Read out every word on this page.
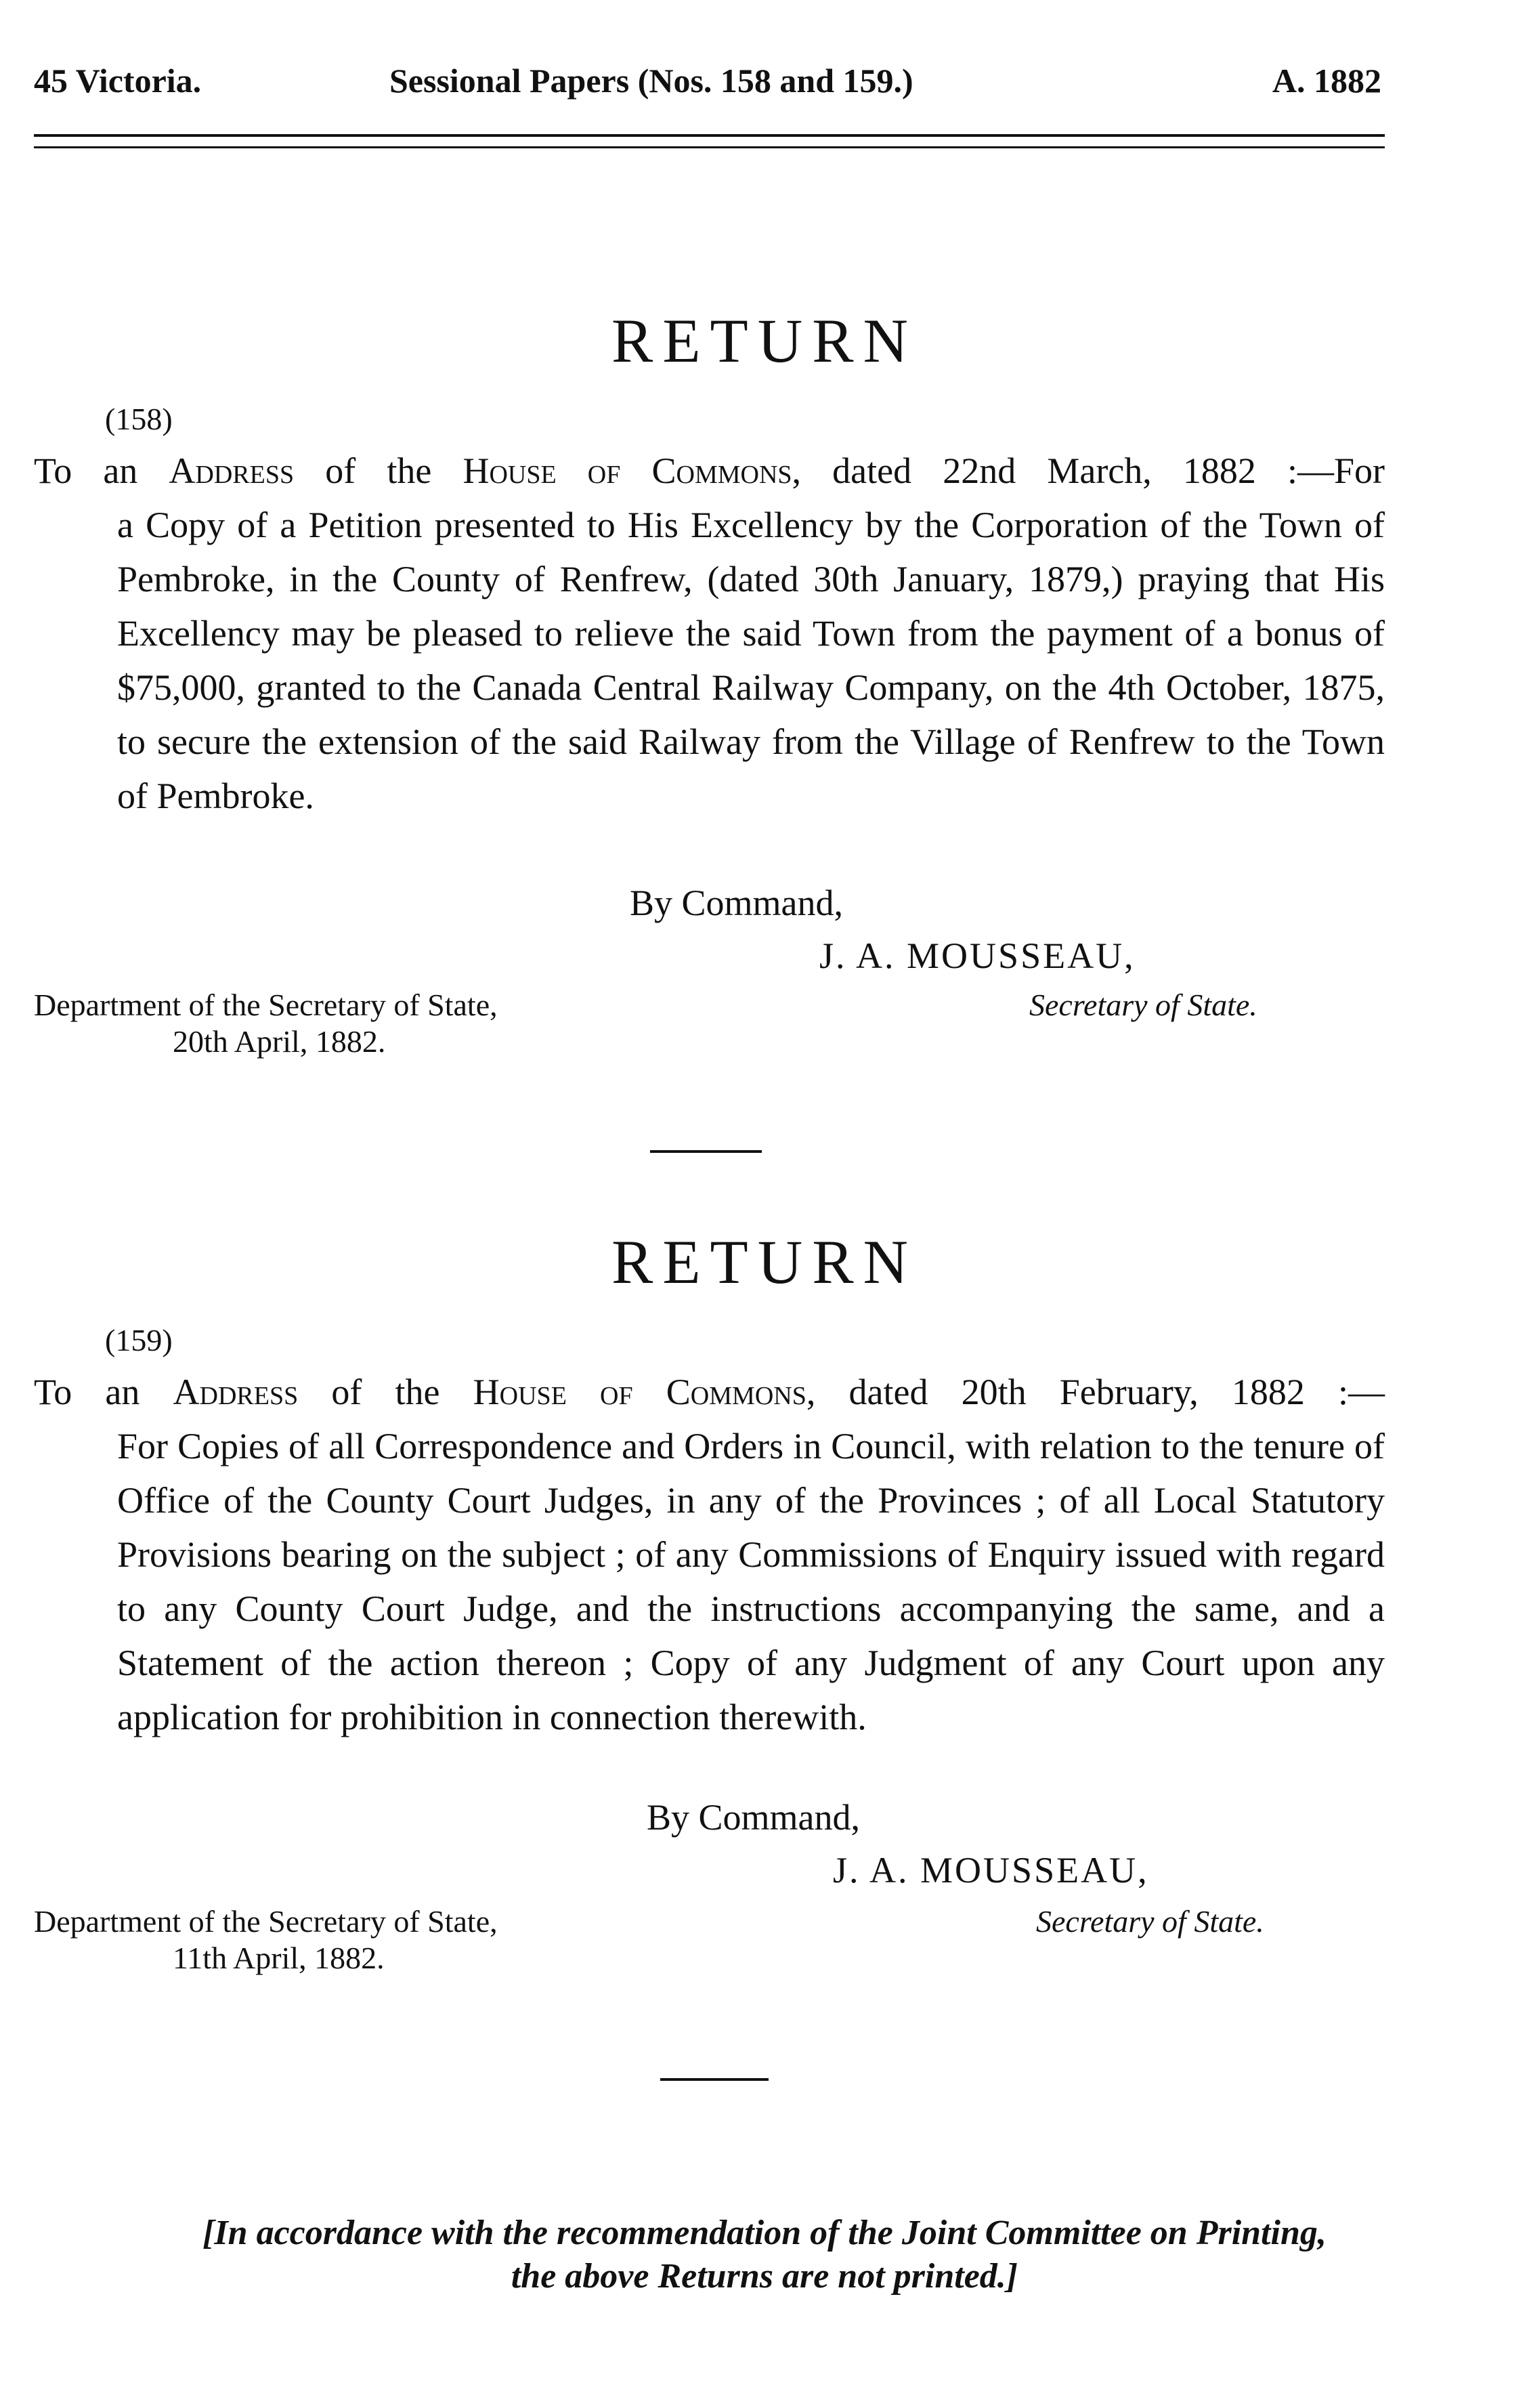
45 Victoria.	Sessional Papers (Nos. 158 and 159.)	A. 1882
RETURN
(158)
To an Address of the House of Commons, dated 22nd March, 1882 :—For
a Copy of a Petition presented to His Excellency by the Corporation of the Town of Pembroke, in the County of Renfrew, (dated 30th January, 1879,) praying that His Excellency may be pleased to relieve the said Town from the payment of a bonus of $75,000, granted to the Canada Central Railway Company, on the 4th October, 1875, to secure the extension of the said Railway from the Village of Renfrew to the Town of Pembroke.
By Command,
J. A. MOUSSEAU,
Secretary of State.
Department of the Secretary of State,
20th April, 1882.
RETURN
(159)
To an Address of the House of Commons, dated 20th February, 1882 :—
For Copies of all Correspondence and Orders in Council, with relation to the tenure of Office of the County Court Judges, in any of the Provinces ; of all Local Statutory Provisions bearing on the subject ; of any Commissions of Enquiry issued with regard to any County Court Judge, and the instructions accompanying the same, and a Statement of the action thereon ; Copy of any Judgment of any Court upon any application for prohibition in connection therewith.
By Command,
J. A. MOUSSEAU,
Secretary of State.
Department of the Secretary of State,
11th April, 1882.
[In accordance with the recommendation of the Joint Committee on Printing,
the above Returns are not printed.]
